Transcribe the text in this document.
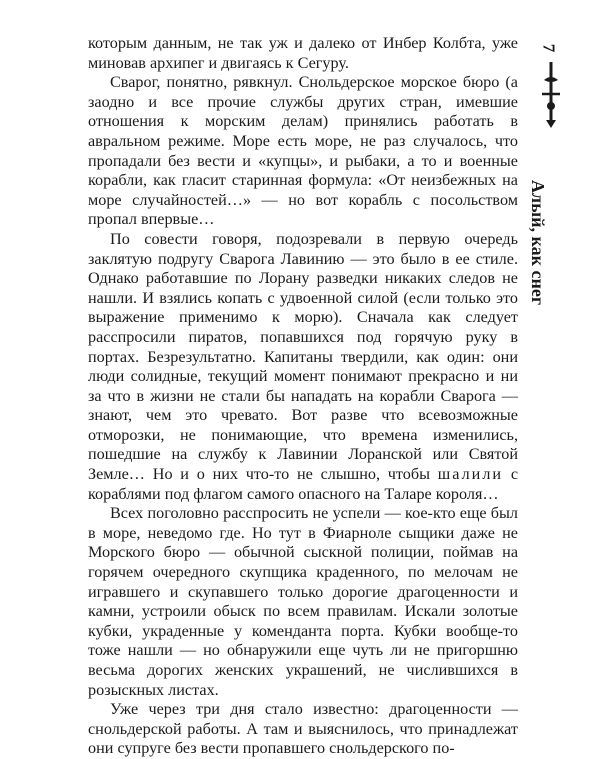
которым данным, не так уж и далеко от Инбер Колбта, уже миновав архипег и двигаясь к Сегуру.

Сварог, понятно, рявкнул. Снольдерское морское бюро (а заодно и все прочие службы других стран, имевшие отношения к морским делам) принялись работать в авральном режиме. Море есть море, не раз случалось, что пропадали без вести и «купцы», и рыбаки, а то и военные корабли, как гласит старинная формула: «От неизбежных на море случайностей…» — но вот корабль с посольством пропал впервые…

По совести говоря, подозревали в первую очередь заклятую подругу Сварога Лавинию — это было в ее стиле. Однако работавшие по Лорану разведки никаких следов не нашли. И взялись копать с удвоенной силой (если только это выражение применимо к морю). Сначала как следует расспросили пиратов, попавшихся под горячую руку в портах. Безрезультатно. Капитаны твердили, как один: они люди солидные, текущий момент понимают прекрасно и ни за что в жизни не стали бы нападать на корабли Сварога — знают, чем это чревато. Вот разве что всевозможные отморозки, не понимающие, что времена изменились, пошедшие на службу к Лавинии Лоранской или Святой Земле… Но и о них что-то не слышно, чтобы шалили с кораблями под флагом самого опасного на Таларе короля…

Всех поголовно расспросить не успели — кое-кто еще был в море, неведомо где. Но тут в Фиарноле сыщики даже не Морского бюро — обычной сыскной полиции, поймав на горячем очередного скупщика краденного, по мелочам не игравшего и скупавшего только дорогие драгоценности и камни, устроили обыск по всем правилам. Искали золотые кубки, украденные у коменданта порта. Кубки вообще-то тоже нашли — но обнаружили еще чуть ли не пригоршню весьма дорогих женских украшений, не числившихся в розыскных листах.

Уже через три дня стало известно: драгоценности — снольдерской работы. А там и выяснилось, что принадлежат они супруге без вести пропавшего снольдерского по-

7
Алый, как снег
